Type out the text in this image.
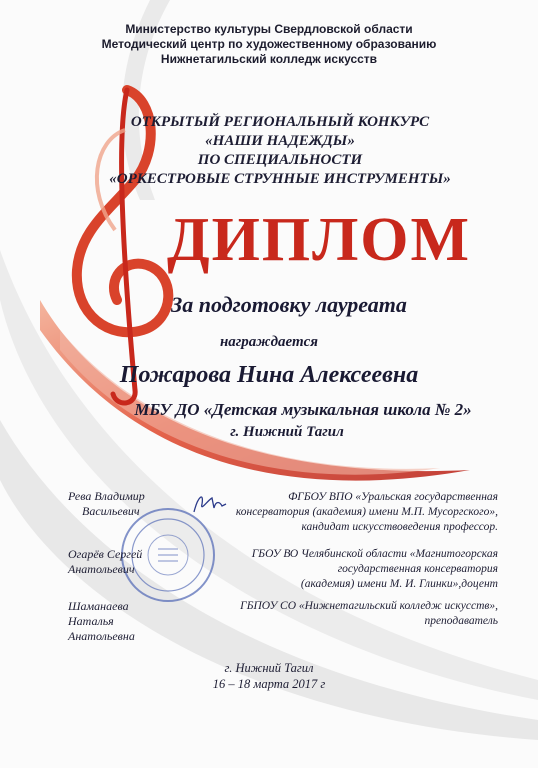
Министерство культуры Свердловской области
Методический центр по художественному образованию
Нижнетагильский колледж искусств
ОТКРЫТЫЙ РЕГИОНАЛЬНЫЙ КОНКУРС
«НАШИ НАДЕЖДЫ»
ПО СПЕЦИАЛЬНОСТИ
«ОРКЕСТРОВЫЕ СТРУННЫЕ ИНСТРУМЕНТЫ»
ДИПЛОМ
За подготовку лауреата
награждается
Пожарова Нина Алексеевна
МБУ ДО «Детская музыкальная школа № 2»
г. Нижний Тагил
Рева Владимир
Васильевич
ФГБОУ ВПО «Уральская государственная
консерватория (академия) имени М.П. Мусоргского»,
кандидат искусствоведения профессор.
Огарёв Сергей
Анатольевич
ГБОУ ВО Челябинской области «Магнитогорская
государственная консерватория
(академия) имени М. И. Глинки»,доцент
Шаманаева
Наталья
Анатольевна
ГБПОУ СО «Нижнетагильский колледж искусств»,
преподаватель
г. Нижний Тагил
16 – 18 марта 2017 г
